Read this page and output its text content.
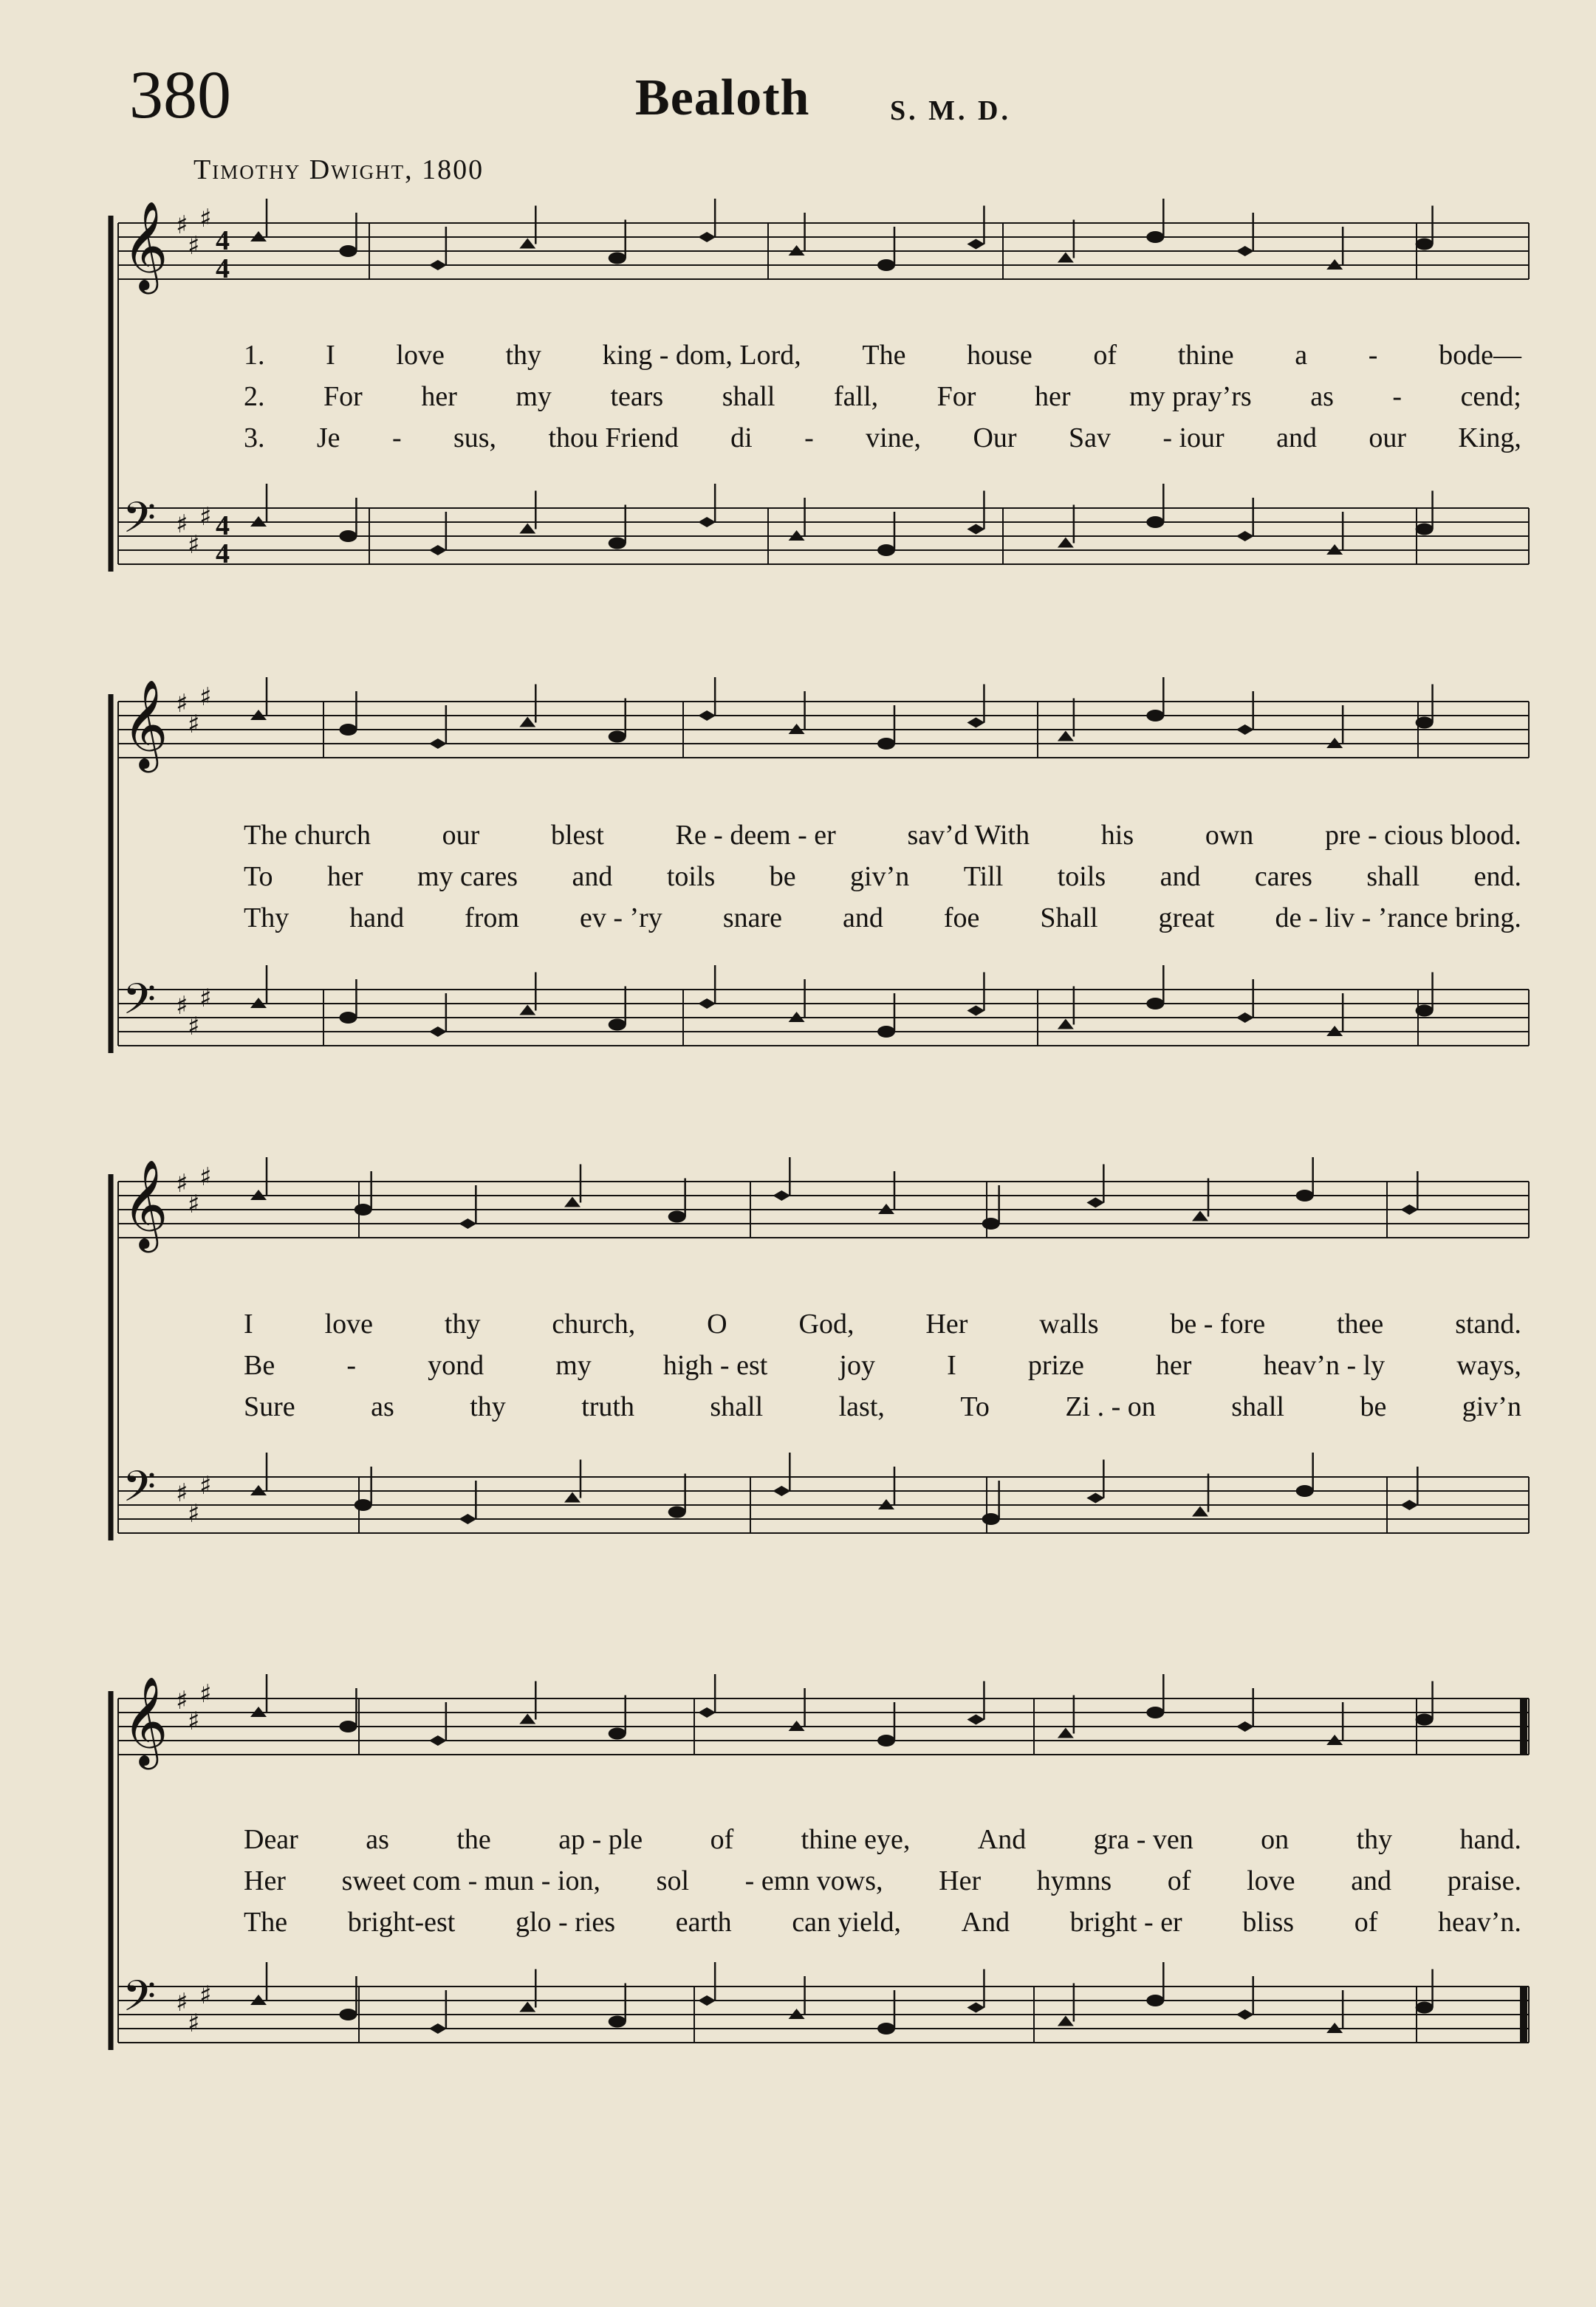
380	Bealoth	S. M. D.
Timothy Dwight, 1800
𝄞 ♯
♯
♯
𝄢 ♯
♯
♯
𝄞 ♯
♯
♯
𝄢 ♯
♯
♯
𝄞 ♯
♯
♯
𝄢 ♯
♯
♯
𝄞 ♯
♯
♯
𝄢 ♯
♯
♯
4
4
4
4
1. I love thy king - dom, Lord, The house of thine a - bode—
2. For her my tears shall fall, For her my pray’rs as - cend;
3. Je - sus, thou Friend di - vine, Our Sav - iour and our King,
The church	our	blest	Re - deem - er	sav’d With	his	own	pre - cious blood.
To her my cares and toils be giv’n Till toils and cares shall end.
Thy hand from ev - ’ry snare and foe Shall great de - liv - ’rance bring.
I	love	thy	church,	O	God,	Her	walls	be - fore	thee	stand.
Be	-	yond	my	high - est	joy	I	prize	her	heav’n - ly	ways,
Sure	as	thy	truth	shall	last,	To	Zi . - on	shall	be	giv’n
Dear as the ap - ple of thine eye, And gra - ven on thy hand.
Her sweet com - mun - ion, sol - emn vows, Her hymns of love and praise.
The bright-est glo - ries earth can yield, And bright - er bliss of heav’n.
